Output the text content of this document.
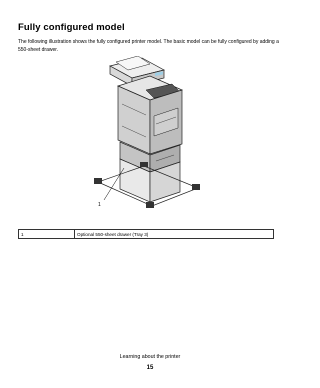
Fully configured model
The following illustration shows the fully configured printer model. The basic model can be fully configured by adding a 550-sheet drawer.
1
1	Optional 550-sheet drawer (Tray 3)
Learning about the printer
15
